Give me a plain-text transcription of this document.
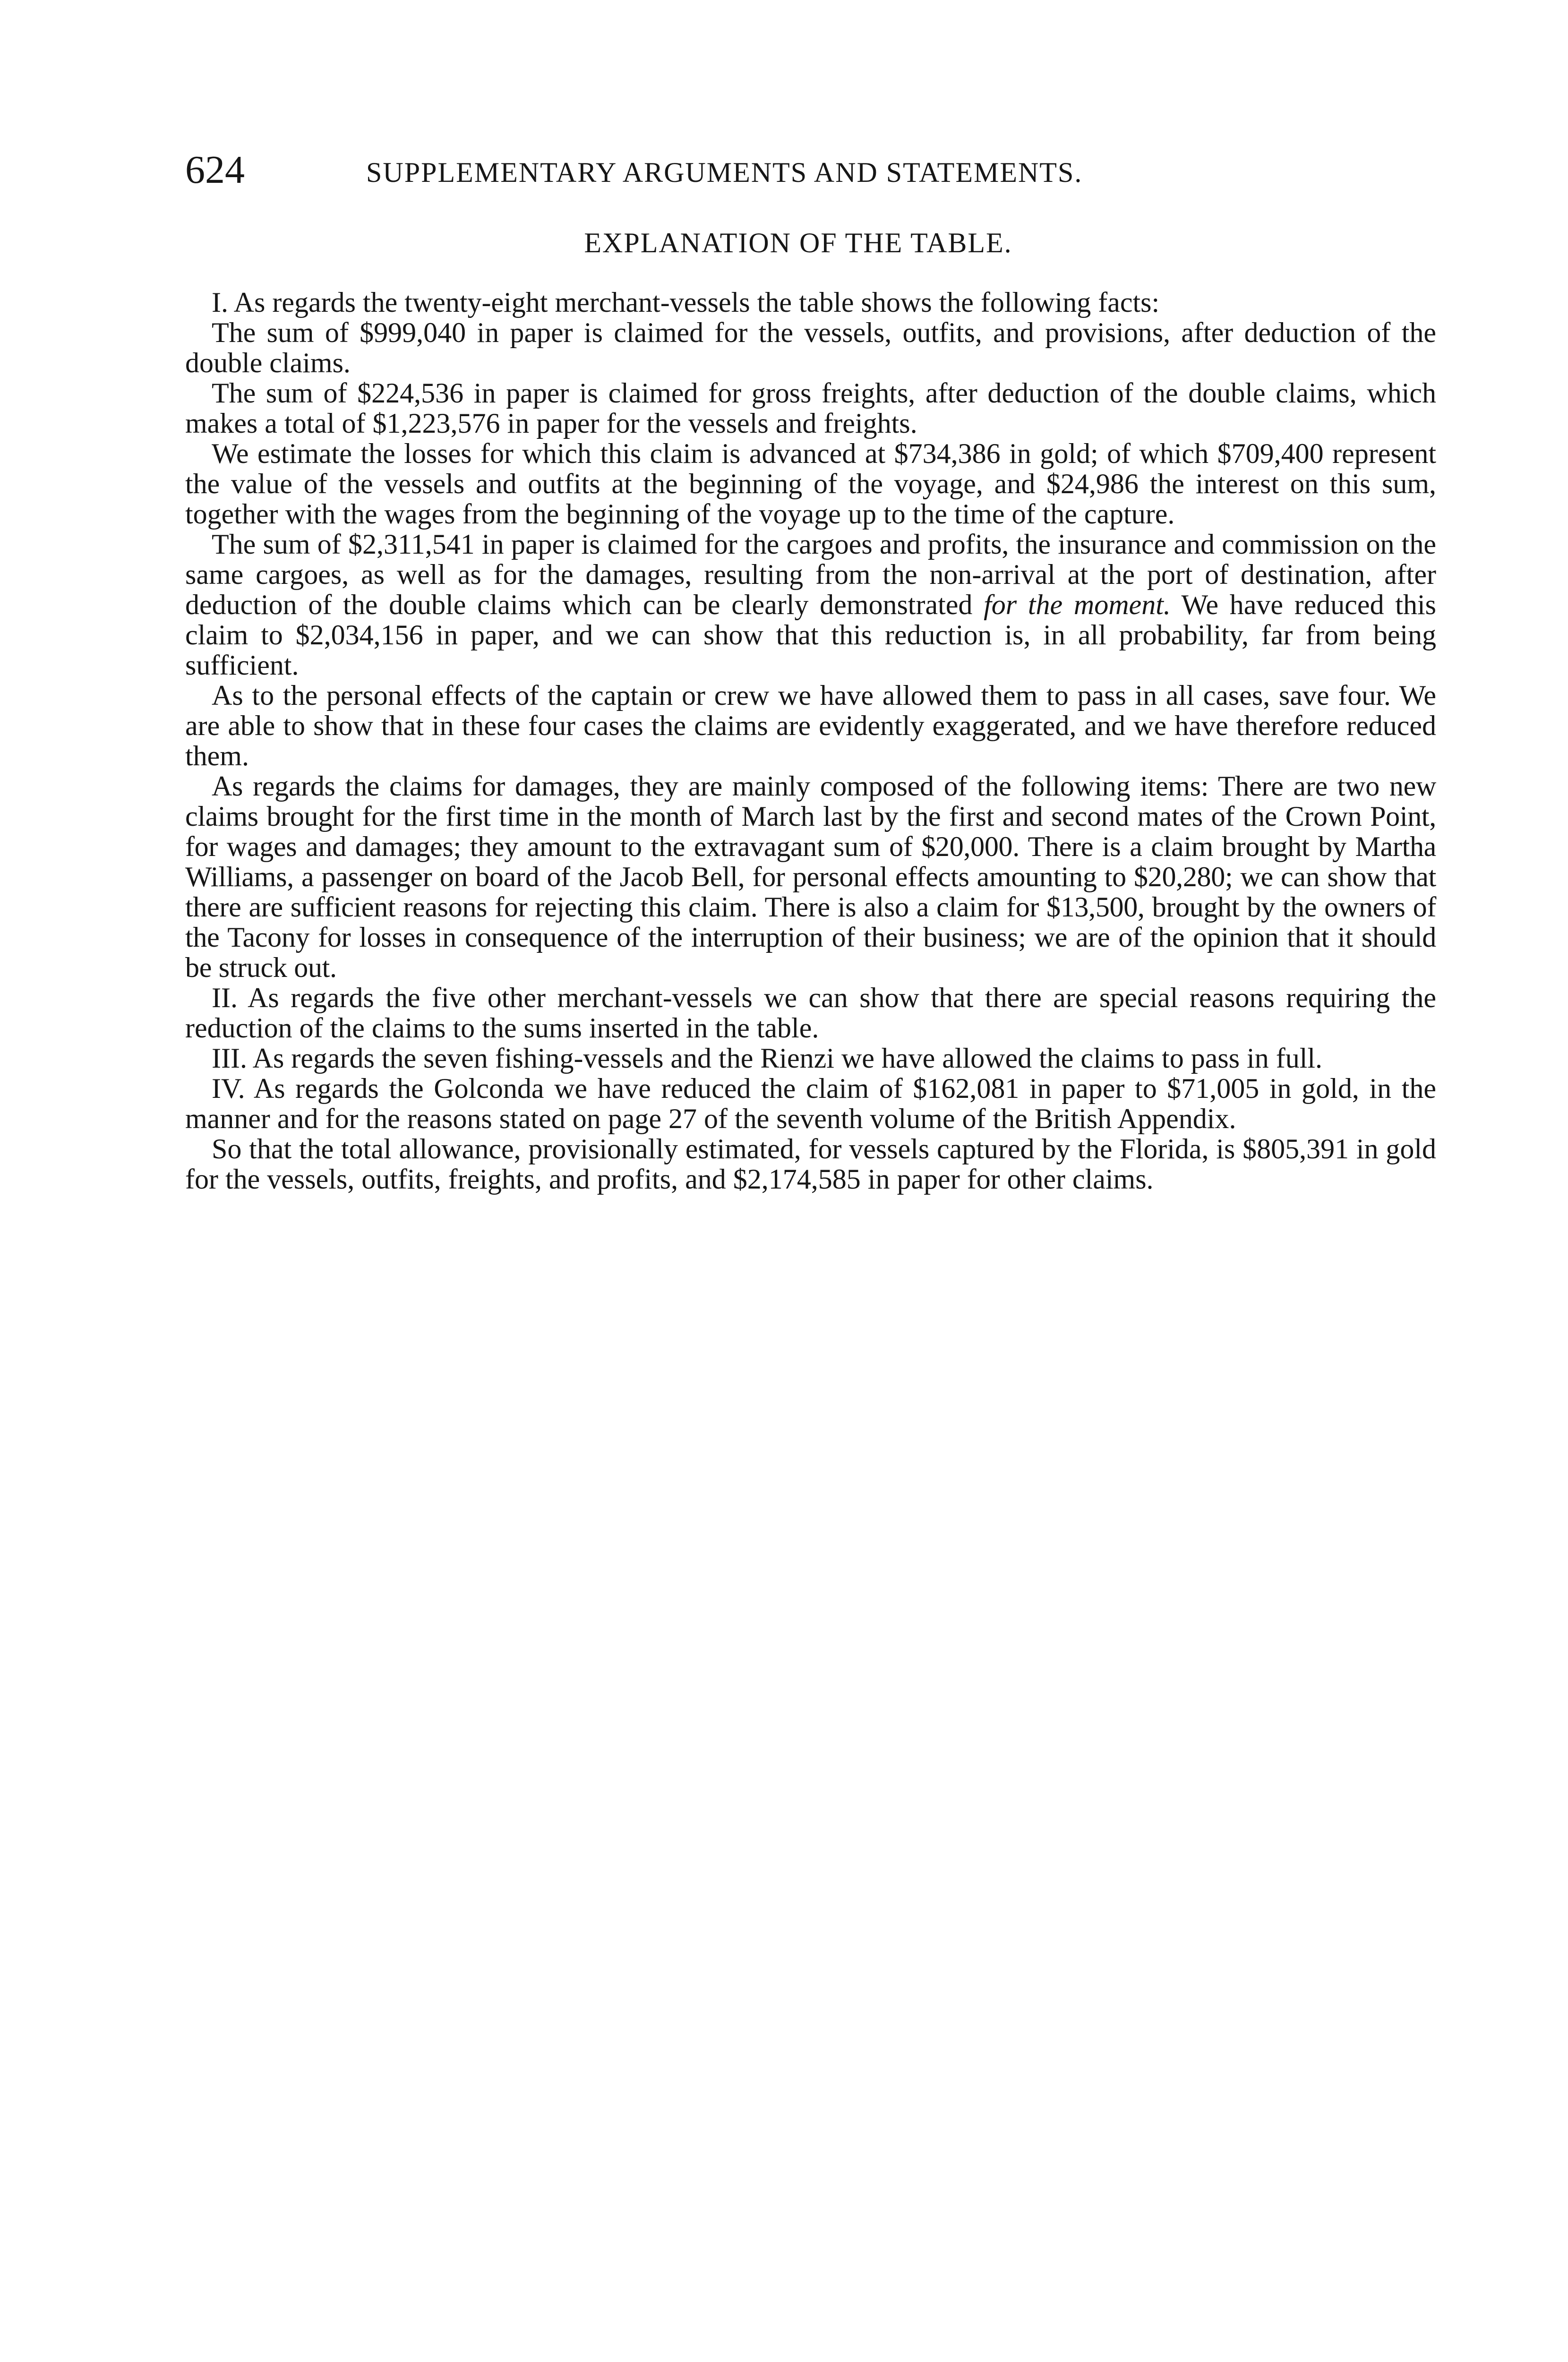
624	SUPPLEMENTARY ARGUMENTS AND STATEMENTS.
EXPLANATION OF THE TABLE.

I. As regards the twenty-eight merchant-vessels the table shows the following facts:

The sum of $999,040 in paper is claimed for the vessels, outfits, and provisions, after deduction of the double claims.

The sum of $224,536 in paper is claimed for gross freights, after deduction of the double claims, which makes a total of $1,223,576 in paper for the vessels and freights.

We estimate the losses for which this claim is advanced at $734,386 in gold; of which $709,400 represent the value of the vessels and outfits at the beginning of the voyage, and $24,986 the interest on this sum, together with the wages from the beginning of the voyage up to the time of the capture.

The sum of $2,311,541 in paper is claimed for the cargoes and profits, the insurance and commission on the same cargoes, as well as for the damages, resulting from the non-arrival at the port of destination, after deduction of the double claims which can be clearly demonstrated for the moment. We have reduced this claim to $2,034,156 in paper, and we can show that this reduction is, in all probability, far from being sufficient.

As to the personal effects of the captain or crew we have allowed them to pass in all cases, save four. We are able to show that in these four cases the claims are evidently exaggerated, and we have therefore reduced them.

As regards the claims for damages, they are mainly composed of the following items: There are two new claims brought for the first time in the month of March last by the first and second mates of the Crown Point, for wages and damages; they amount to the extravagant sum of $20,000. There is a claim brought by Martha Williams, a passenger on board of the Jacob Bell, for personal effects amounting to $20,280; we can show that there are sufficient reasons for rejecting this claim. There is also a claim for $13,500, brought by the owners of the Tacony for losses in consequence of the interruption of their business; we are of the opinion that it should be struck out.

II. As regards the five other merchant-vessels we can show that there are special reasons requiring the reduction of the claims to the sums inserted in the table.

III. As regards the seven fishing-vessels and the Rienzi we have allowed the claims to pass in full.

IV. As regards the Golconda we have reduced the claim of $162,081 in paper to $71,005 in gold, in the manner and for the reasons stated on page 27 of the seventh volume of the British Appendix.

So that the total allowance, provisionally estimated, for vessels captured by the Florida, is $805,391 in gold for the vessels, outfits, freights, and profits, and $2,174,585 in paper for other claims.
